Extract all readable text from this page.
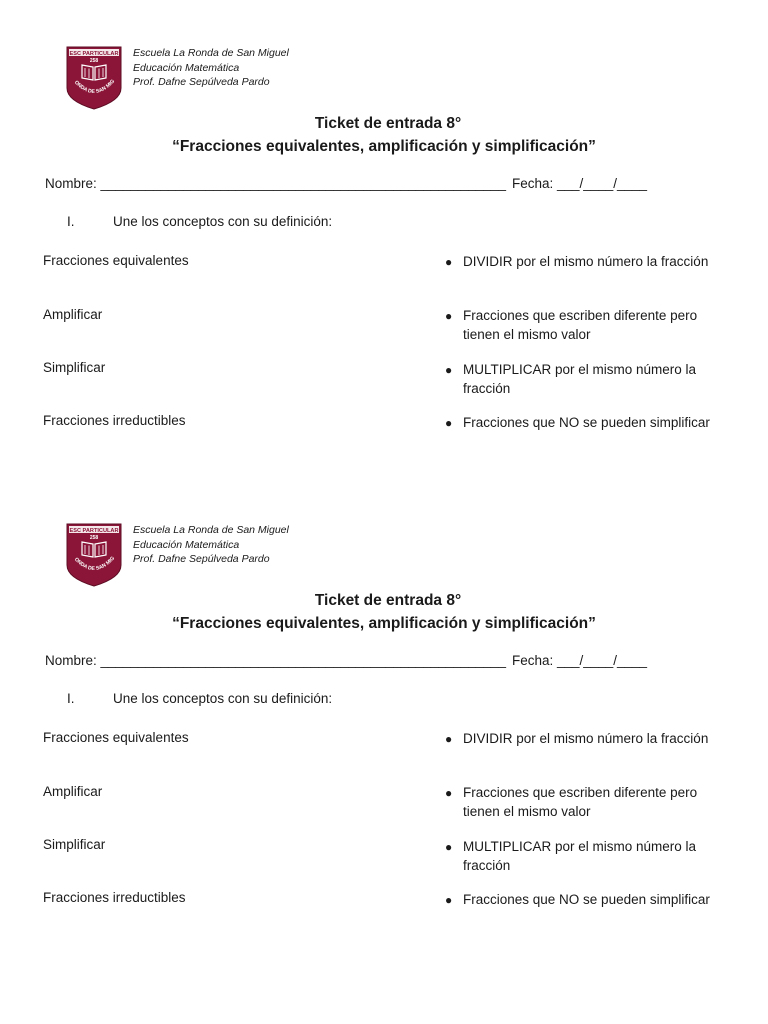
ESC PARTICULAR
258
ONDA DE SAN MIG
Escuela La Ronda de San Miguel
Educación Matemática
Prof. Dafne Sepúlveda Pardo
Ticket de entrada 8°
“Fracciones equivalentes, amplificación y simplificación”
Nombre: ______________________________________________________ Fecha: ___/____/____
I.	Une los conceptos con su definición:
Fracciones equivalentes
Amplificar
Simplificar
Fracciones irreductibles
● DIVIDIR por el mismo número la fracción
● Fracciones que escriben diferente pero tienen el mismo valor
● MULTIPLICAR por el mismo número la fracción
● Fracciones que NO se pueden simplificar
ESC PARTICULAR
258
ONDA DE SAN MIG
Escuela La Ronda de San Miguel
Educación Matemática
Prof. Dafne Sepúlveda Pardo
Ticket de entrada 8°
“Fracciones equivalentes, amplificación y simplificación”
Nombre: ______________________________________________________ Fecha: ___/____/____
I.	Une los conceptos con su definición:
Fracciones equivalentes
Amplificar
Simplificar
Fracciones irreductibles
● DIVIDIR por el mismo número la fracción
● Fracciones que escriben diferente pero tienen el mismo valor
● MULTIPLICAR por el mismo número la fracción
● Fracciones que NO se pueden simplificar
